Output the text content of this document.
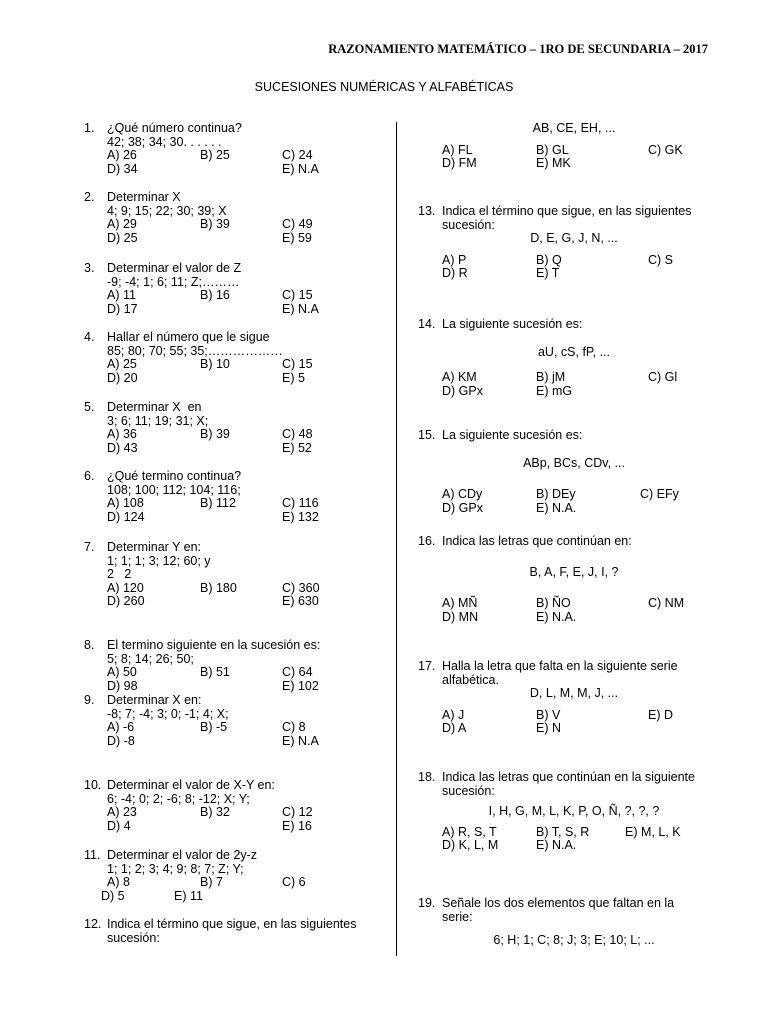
RAZONAMIENTO MATEMÁTICO – 1RO DE SECUNDARIA – 2017
SUCESIONES NUMÉRICAS Y ALFABÉTICAS
1. ¿Qué número continua?
42; 38; 34; 30. . . . . .
A) 26	B) 25	C) 24
D) 34	E) N.A
2. Determinar X
4; 9; 15; 22; 30; 39; X
A) 29	B) 39	C) 49
D) 25	E) 59
3. Determinar el valor de Z
-9; -4; 1; 6; 11; Z;………
A) 11	B) 16	C) 15
D) 17	E) N.A
4. Hallar el número que le sigue
85; 80; 70; 55; 35;………………
A) 25	B) 10	C) 15
D) 20	E) 5
5. Determinar X  en
3; 6; 11; 19; 31; X;
A) 36	B) 39	C) 48
D) 43	E) 52
6. ¿Qué termino continua?
108; 100; 112; 104; 116;
A) 108	B) 112	C) 116
D) 124	E) 132
7. Determinar Y en:
1; 1; 1; 3; 12; 60; y
2   2
A) 120	B) 180	C) 360
D) 260	E) 630
8. El termino siguiente en la sucesión es:
5; 8; 14; 26; 50;
A) 50	B) 51	C) 64
D) 98	E) 102
9. Determinar X en:
-8; 7; -4; 3; 0; -1; 4; X;
A) -6	B) -5	C) 8
D) -8	E) N.A
10. Determinar el valor de X-Y en:
6; -4; 0; 2; -6; 8; -12; X; Y;
A) 23	B) 32	C) 12
D) 4	E) 16
11. Determinar el valor de 2y-z
1; 1; 2; 3; 4; 9; 8; 7; Z; Y;
A) 8	B) 7	C) 6
D) 5	E) 11
12. Indica el término que sigue, en las siguientes
sucesión:
AB, CE, EH, ...
A) FL	B) GL	C) GK
D) FM	E) MK
13. Indica el término que sigue, en las siguientes
sucesión:
D, E, G, J, N, ...
A) P	B) Q	C) S
D) R	E) T
14. La siguiente sucesión es:
aU, cS, fP, ...
A) KM	B) jM	C) Gl
D) GPx	E) mG
15. La siguiente sucesión es:
ABp, BCs, CDv, ...
A) CDy	B) DEy	C) EFy
D) GPx	E) N.A.
16. Indica las letras que continúan en:
B, A, F, E, J, I, ?
A) MÑ	B) ÑO	C) NM
D) MN	E) N.A.
17. Halla la letra que falta en la siguiente serie
alfabética.
D, L, M, M, J, ...
A) J	B) V	E) D
D) A	E) N
18. Indica las letras que continúan en la siguiente
sucesión:
I, H, G, M, L, K, P, O, Ñ, ?, ?, ?
A) R, S, T	B) T, S, R	E) M, L, K
D) K, L, M	E) N.A.
19. Señale los dos elementos que faltan en la
serie:
6; H; 1; C; 8; J; 3; E; 10; L; ...
